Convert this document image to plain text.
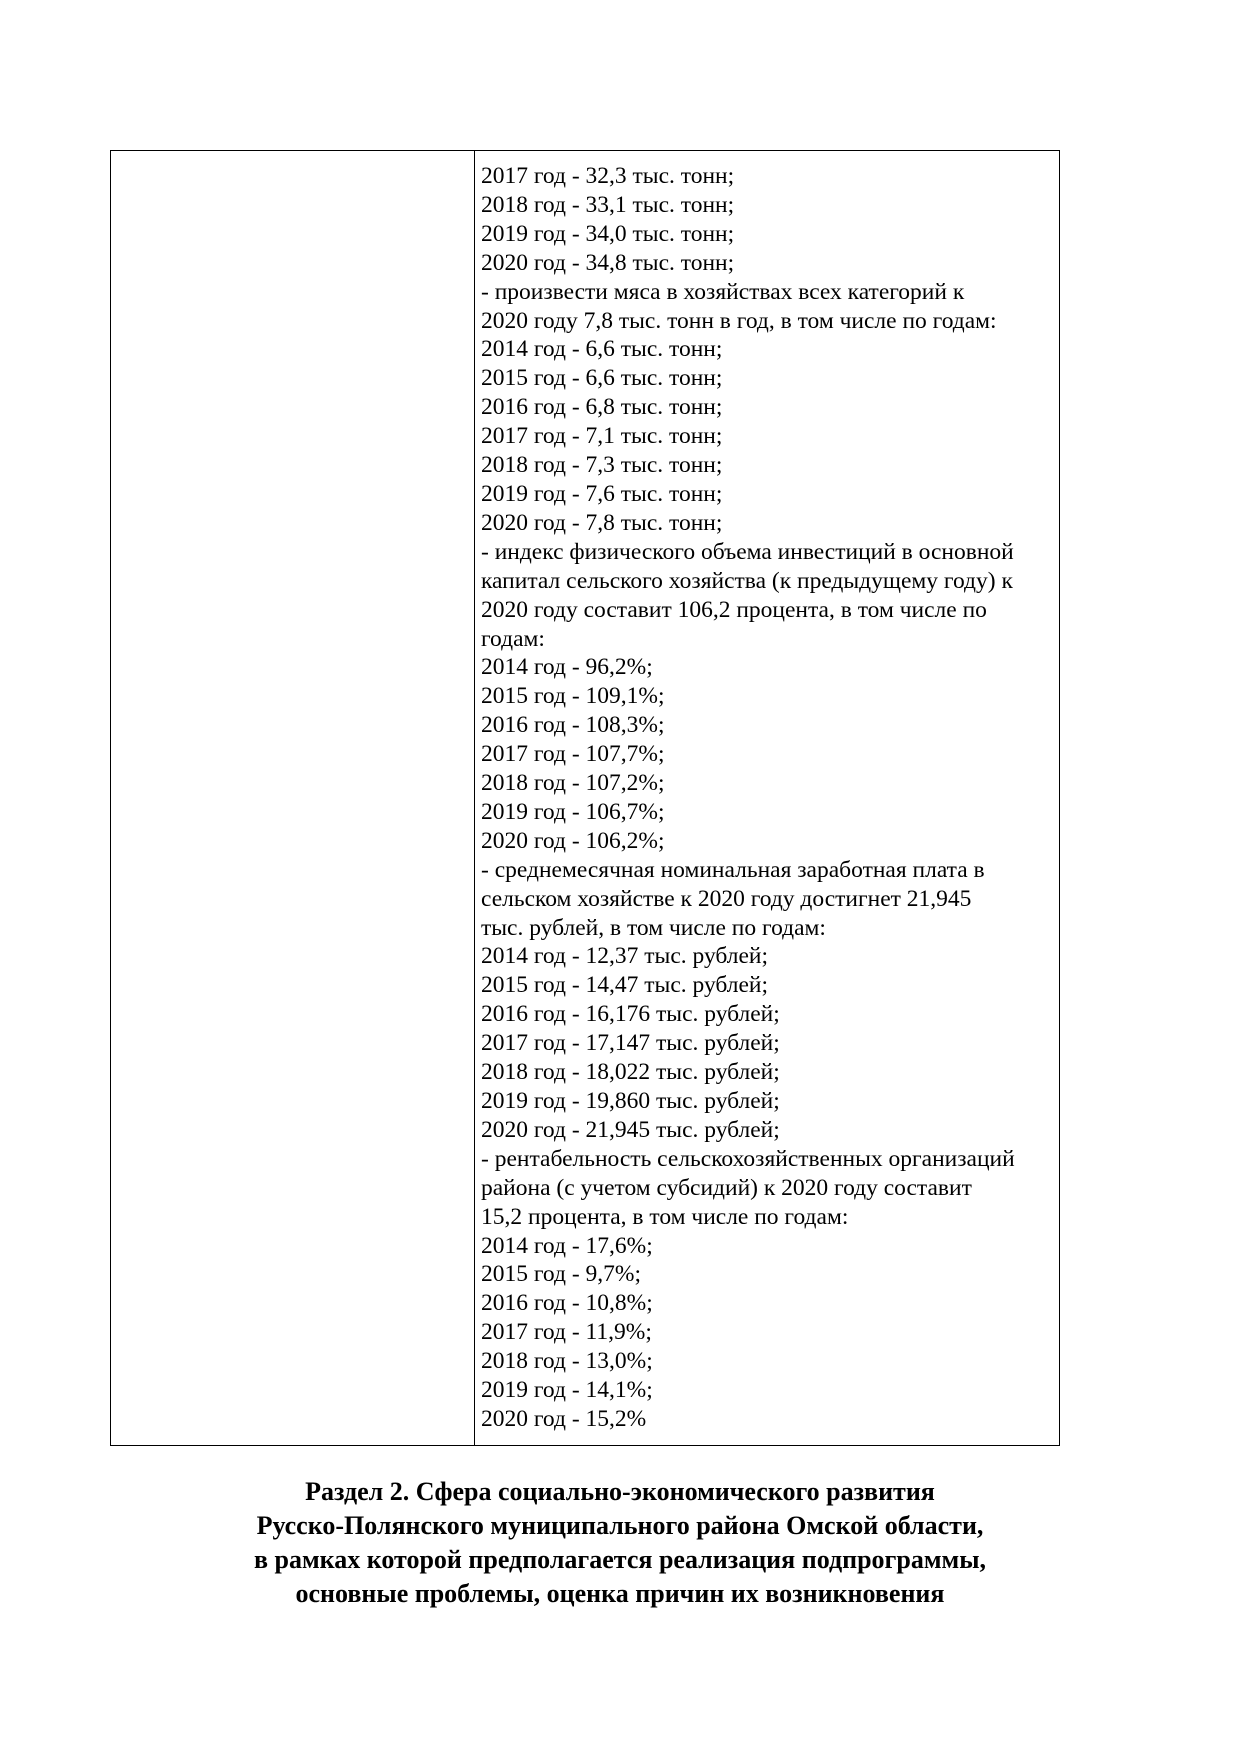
2017 год - 32,3 тыс. тонн;
2018 год - 33,1 тыс. тонн;
2019 год - 34,0 тыс. тонн;
2020 год - 34,8 тыс. тонн;
- произвести мяса в хозяйствах всех категорий к
2020 году 7,8 тыс. тонн в год, в том числе по годам:
2014 год - 6,6 тыс. тонн;
2015 год - 6,6 тыс. тонн;
2016 год - 6,8 тыс. тонн;
2017 год - 7,1 тыс. тонн;
2018 год - 7,3 тыс. тонн;
2019 год - 7,6 тыс. тонн;
2020 год - 7,8 тыс. тонн;
- индекс физического объема инвестиций в основной
капитал сельского хозяйства (к предыдущему году) к
2020 году составит 106,2 процента, в том числе по
годам:
2014 год - 96,2%;
2015 год - 109,1%;
2016 год - 108,3%;
2017 год - 107,7%;
2018 год - 107,2%;
2019 год - 106,7%;
2020 год - 106,2%;
- среднемесячная номинальная заработная плата в
сельском хозяйстве к 2020 году достигнет 21,945
тыс. рублей, в том числе по годам:
2014 год - 12,37 тыс. рублей;
2015 год - 14,47 тыс. рублей;
2016 год - 16,176 тыс. рублей;
2017 год - 17,147 тыс. рублей;
2018 год - 18,022 тыс. рублей;
2019 год - 19,860 тыс. рублей;
2020 год - 21,945 тыс. рублей;
- рентабельность сельскохозяйственных организаций
района (с учетом субсидий) к 2020 году составит
15,2 процента, в том числе по годам:
2014 год - 17,6%;
2015 год - 9,7%;
2016 год - 10,8%;
2017 год - 11,9%;
2018 год - 13,0%;
2019 год - 14,1%;
2020 год - 15,2%
Раздел 2. Сфера социально-экономического развития
Русско-Полянского муниципального района Омской области,
в рамках которой предполагается реализация подпрограммы,
основные проблемы, оценка причин их возникновения
